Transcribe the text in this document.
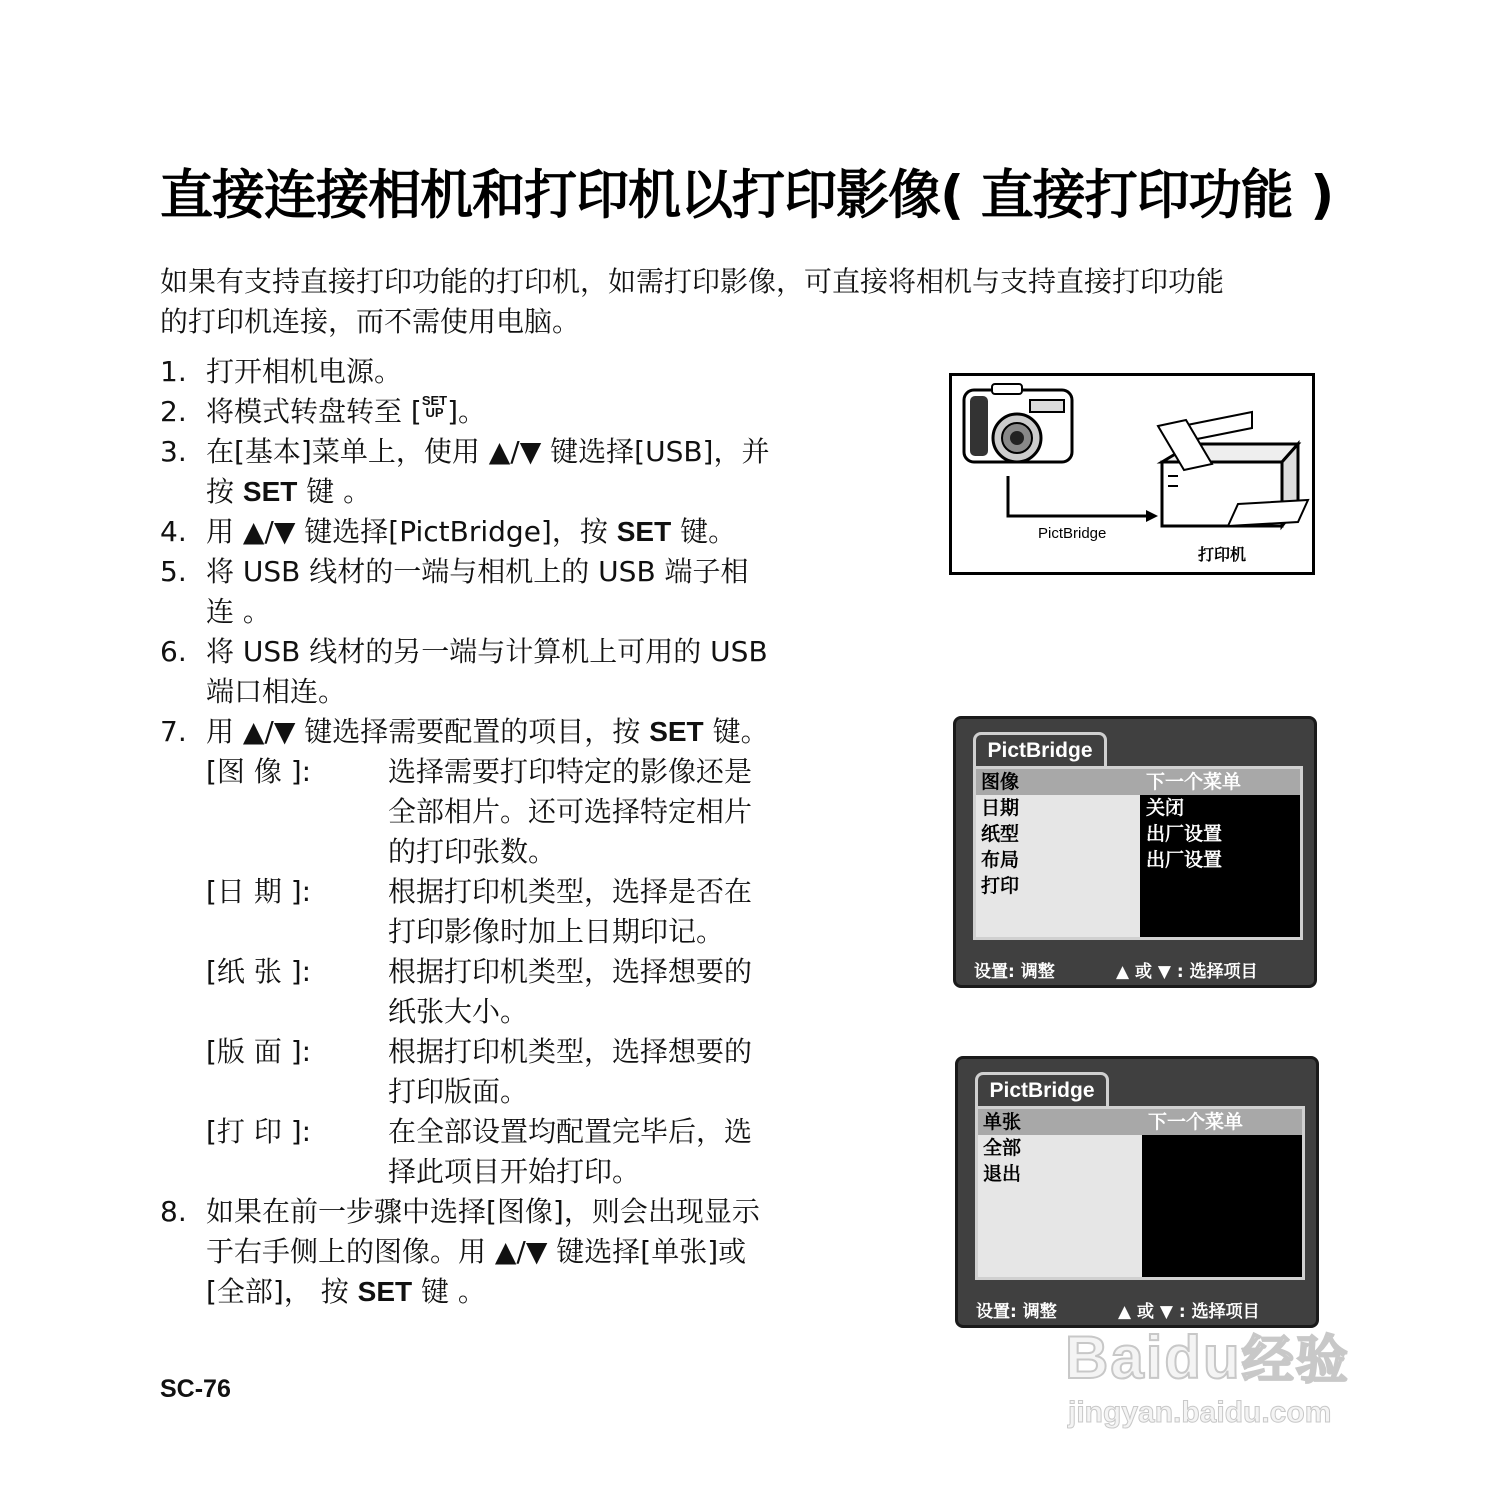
直接连接相机和打印机以打印影像( 直接打印功能 )
如果有支持直接打印功能的打印机，如需打印影像，可直接将相机与支持直接打印功能
的打印机连接，而不需使用电脑。
1. 打开相机电源。
2. 将模式转盘转至 [SET
UP ]。
3. 在[基本]菜单上，使用 ▲/▼ 键选择[USB]，并
按 SET 键 。
4. 用 ▲/▼ 键选择[PictBridge]，按 SET 键。
5. 将 USB 线材的一端与相机上的 USB 端子相
连 。
6. 将 USB 线材的另一端与计算机上可用的 USB
端口相连。
7. 用 ▲/▼ 键选择需要配置的项目，按 SET 键。
[图 像 ]:	选择需要打印特定的影像还是
全部相片。还可选择特定相片
的打印张数。
[日 期 ]:	根据打印机类型，选择是否在
打印影像时加上日期印记。
[纸 张 ]:	根据打印机类型，选择想要的
纸张大小。
[版 面 ]:	根据打印机类型，选择想要的
打印版面。
[打 印 ]:	在全部设置均配置完毕后，选
择此项目开始打印。
8. 如果在前一步骤中选择[图像]，则会出现显示
于右手侧上的图像。用 ▲/▼ 键选择[单张]或
[全部]， 按 SET 键 。
PictBridge
打印机
PictBridge
图像
日期
纸型
布局
打印
下一个菜单
关闭
出厂设置
出厂设置
设置: 调整	▲ 或 ▼ : 选择项目
PictBridge
单张
全部
退出
下一个菜单
设置: 调整	▲ 或 ▼ : 选择项目
SC-76	Baidu经验
jingyan.baidu.com
